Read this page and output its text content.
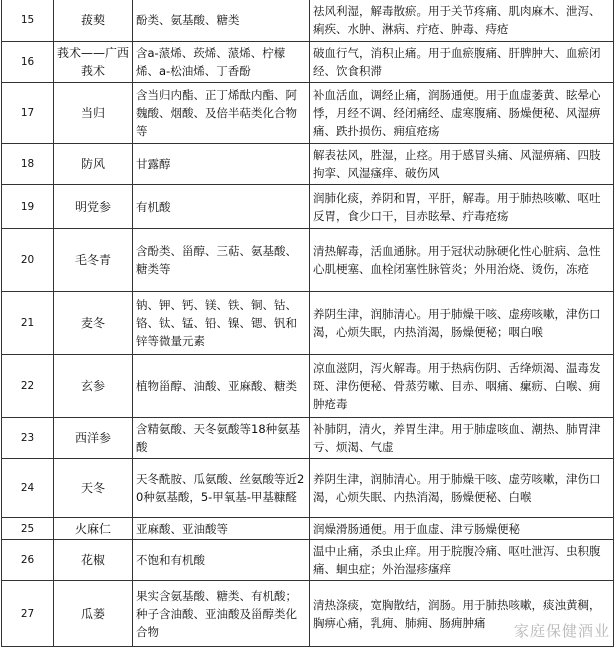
15	菝葜	酚类、氨基酸、糖类	祛风利湿，解毒散瘀。用于关节疼痛、肌肉麻木、泄泻、痢疾、水肿、淋病、疔疮、肿毒、痔疮
16	莪术——广西莪术	含a-蒎烯、莰烯、蒎烯、柠檬烯、a-松油烯、丁香酚	破血行气，消积止痛。用于血瘀腹痛、肝脾肿大、血瘀闭经、饮食积滞
17	当归	含当归内酯、正丁烯酞内酯、阿魏酸、烟酸、及倍半萜类化合物等	补血活血，调经止痛，润肠通便。用于血虚萎黄、眩晕心悸，月经不调、经闭痛经、虚寒腹痛、肠燥便秘、风湿痹痛、跌扑损伤、痈疽疮疡
18	防风	甘露醇	解表祛风，胜湿，止痉。用于感冒头痛、风湿痹痛、四肢拘挛、风湿瘙痒、破伤风
19	明党参	有机酸	润肺化痰，养阴和胃，平肝，解毒。用于肺热咳嗽、呕吐反胃，食少口干，目赤眩晕、疔毒疮疡
20	毛冬青	含酚类、甾醇、三萜、氨基酸、糖类等	清热解毒，活血通脉。用于冠状动脉硬化性心脏病、急性心肌梗塞、血栓闭塞性脉管炎；外用治烧、烫伤，冻疮
21	麦冬	钠、钾、钙、镁、铁、铜、钴、铬、钛、锰、铅、镍、锶、钒和锌等微量元素	养阴生津，润肺清心。用于肺燥干咳、虚痨咳嗽，津伤口渴，心烦失眠，内热消渴，肠燥便秘；咽白喉
22	玄参	植物甾醇、油酸、亚麻酸、糖类	凉血滋阴，泻火解毒。用于热病伤阴、舌绛烦渴、温毒发斑、津伤便秘、骨蒸劳嗽、目赤、咽痛、瘰疬、白喉、痈肿疮毒
23	西洋参	含精氨酸、天冬氨酸等18种氨基酸	补肺阴，清火，养胃生津。用于肺虚咳血、潮热、肺胃津亏、烦渴、气虚
24	天冬	天冬酰胺、瓜氨酸、丝氨酸等近20种氨基酸，5-甲氧基-甲基糠醛	养阴生津，润肺清心。用于肺燥干咳、虚劳咳嗽，津伤口渴，心烦失眠、内热消渴，肠燥便秘、白喉
25	火麻仁	亚麻酸、亚油酸等	润燥滑肠通便。用于血虚、津亏肠燥便秘
26	花椒	不饱和有机酸	温中止痛，杀虫止痒。用于脘腹冷痛、呕吐泄泻、虫积腹痛、蛔虫症；外治湿疹瘙痒
27	瓜蒌	果实含氨基酸、糖类、有机酸；种子含油酸、亚油酸及甾醇类化合物	清热涤痰，宽胸散结，润肠。用于肺热咳嗽，痰浊黄稠，胸痹心痛，乳痈、肺痈、肠痈肿痛 家庭保健酒业
